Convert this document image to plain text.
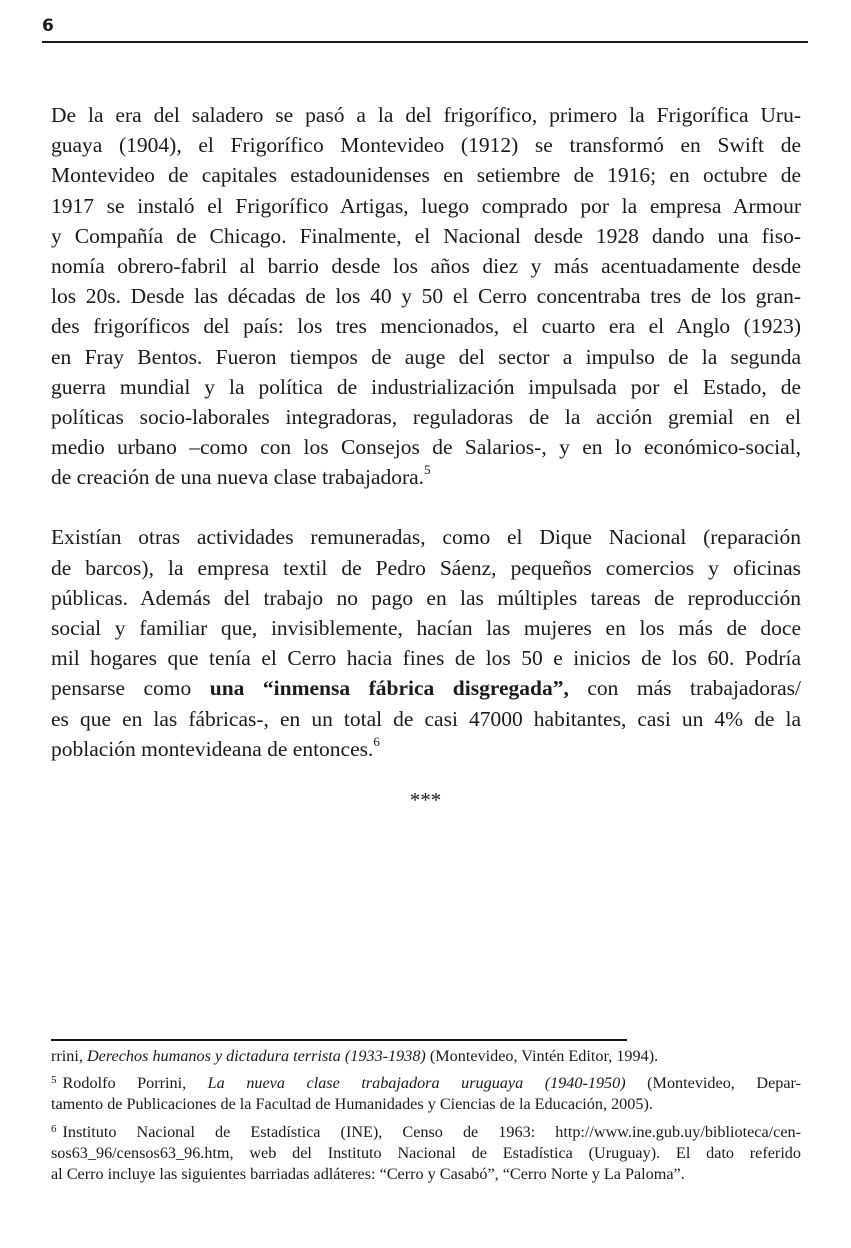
6
De la era del saladero se pasó a la del frigorífico, primero la Frigorífica Uru-
guaya (1904), el Frigorífico Montevideo (1912) se transformó en Swift de
Montevideo de capitales estadounidenses en setiembre de 1916; en octubre de
1917 se instaló el Frigorífico Artigas, luego comprado por la empresa Armour
y Compañía de Chicago. Finalmente, el Nacional desde 1928 dando una fiso-
nomía obrero-fabril al barrio desde los años diez y más acentuadamente desde
los 20s. Desde las décadas de los 40 y 50 el Cerro concentraba tres de los gran-
des frigoríficos del país: los tres mencionados, el cuarto era el Anglo (1923)
en Fray Bentos. Fueron tiempos de auge del sector a impulso de la segunda
guerra mundial y la política de industrialización impulsada por el Estado, de
políticas socio-laborales integradoras, reguladoras de la acción gremial en el
medio urbano –como con los Consejos de Salarios-, y en lo económico-social,
de creación de una nueva clase trabajadora.$^5$
Existían otras actividades remuneradas, como el Dique Nacional (reparación
de barcos), la empresa textil de Pedro Sáenz, pequeños comercios y oficinas
públicas. Además del trabajo no pago en las múltiples tareas de reproducción
social y familiar que, invisiblemente, hacían las mujeres en los más de doce
mil hogares que tenía el Cerro hacia fines de los 50 e inicios de los 60. Podría
pensarse como una “inmensa fábrica disgregada”, con más trabajadoras/
es que en las fábricas-, en un total de casi 47000 habitantes, casi un 4% de la
población montevideana de entonces.$^6$
***
rrini, Derechos humanos y dictadura terrista (1933-1938) (Montevideo, Vintén Editor, 1994).
$^5$ Rodolfo Porrini, La nueva clase trabajadora uruguaya (1940-1950) (Montevideo, Depar-
tamento de Publicaciones de la Facultad de Humanidades y Ciencias de la Educación, 2005).
$^6$ Instituto Nacional de Estadística (INE), Censo de 1963: http://www.ine.gub.uy/biblioteca/cen-
sos63_96/censos63_96.htm, web del Instituto Nacional de Estadística (Uruguay). El dato referido
al Cerro incluye las siguientes barriadas adláteres: “Cerro y Casabó”, “Cerro Norte y La Paloma”.
